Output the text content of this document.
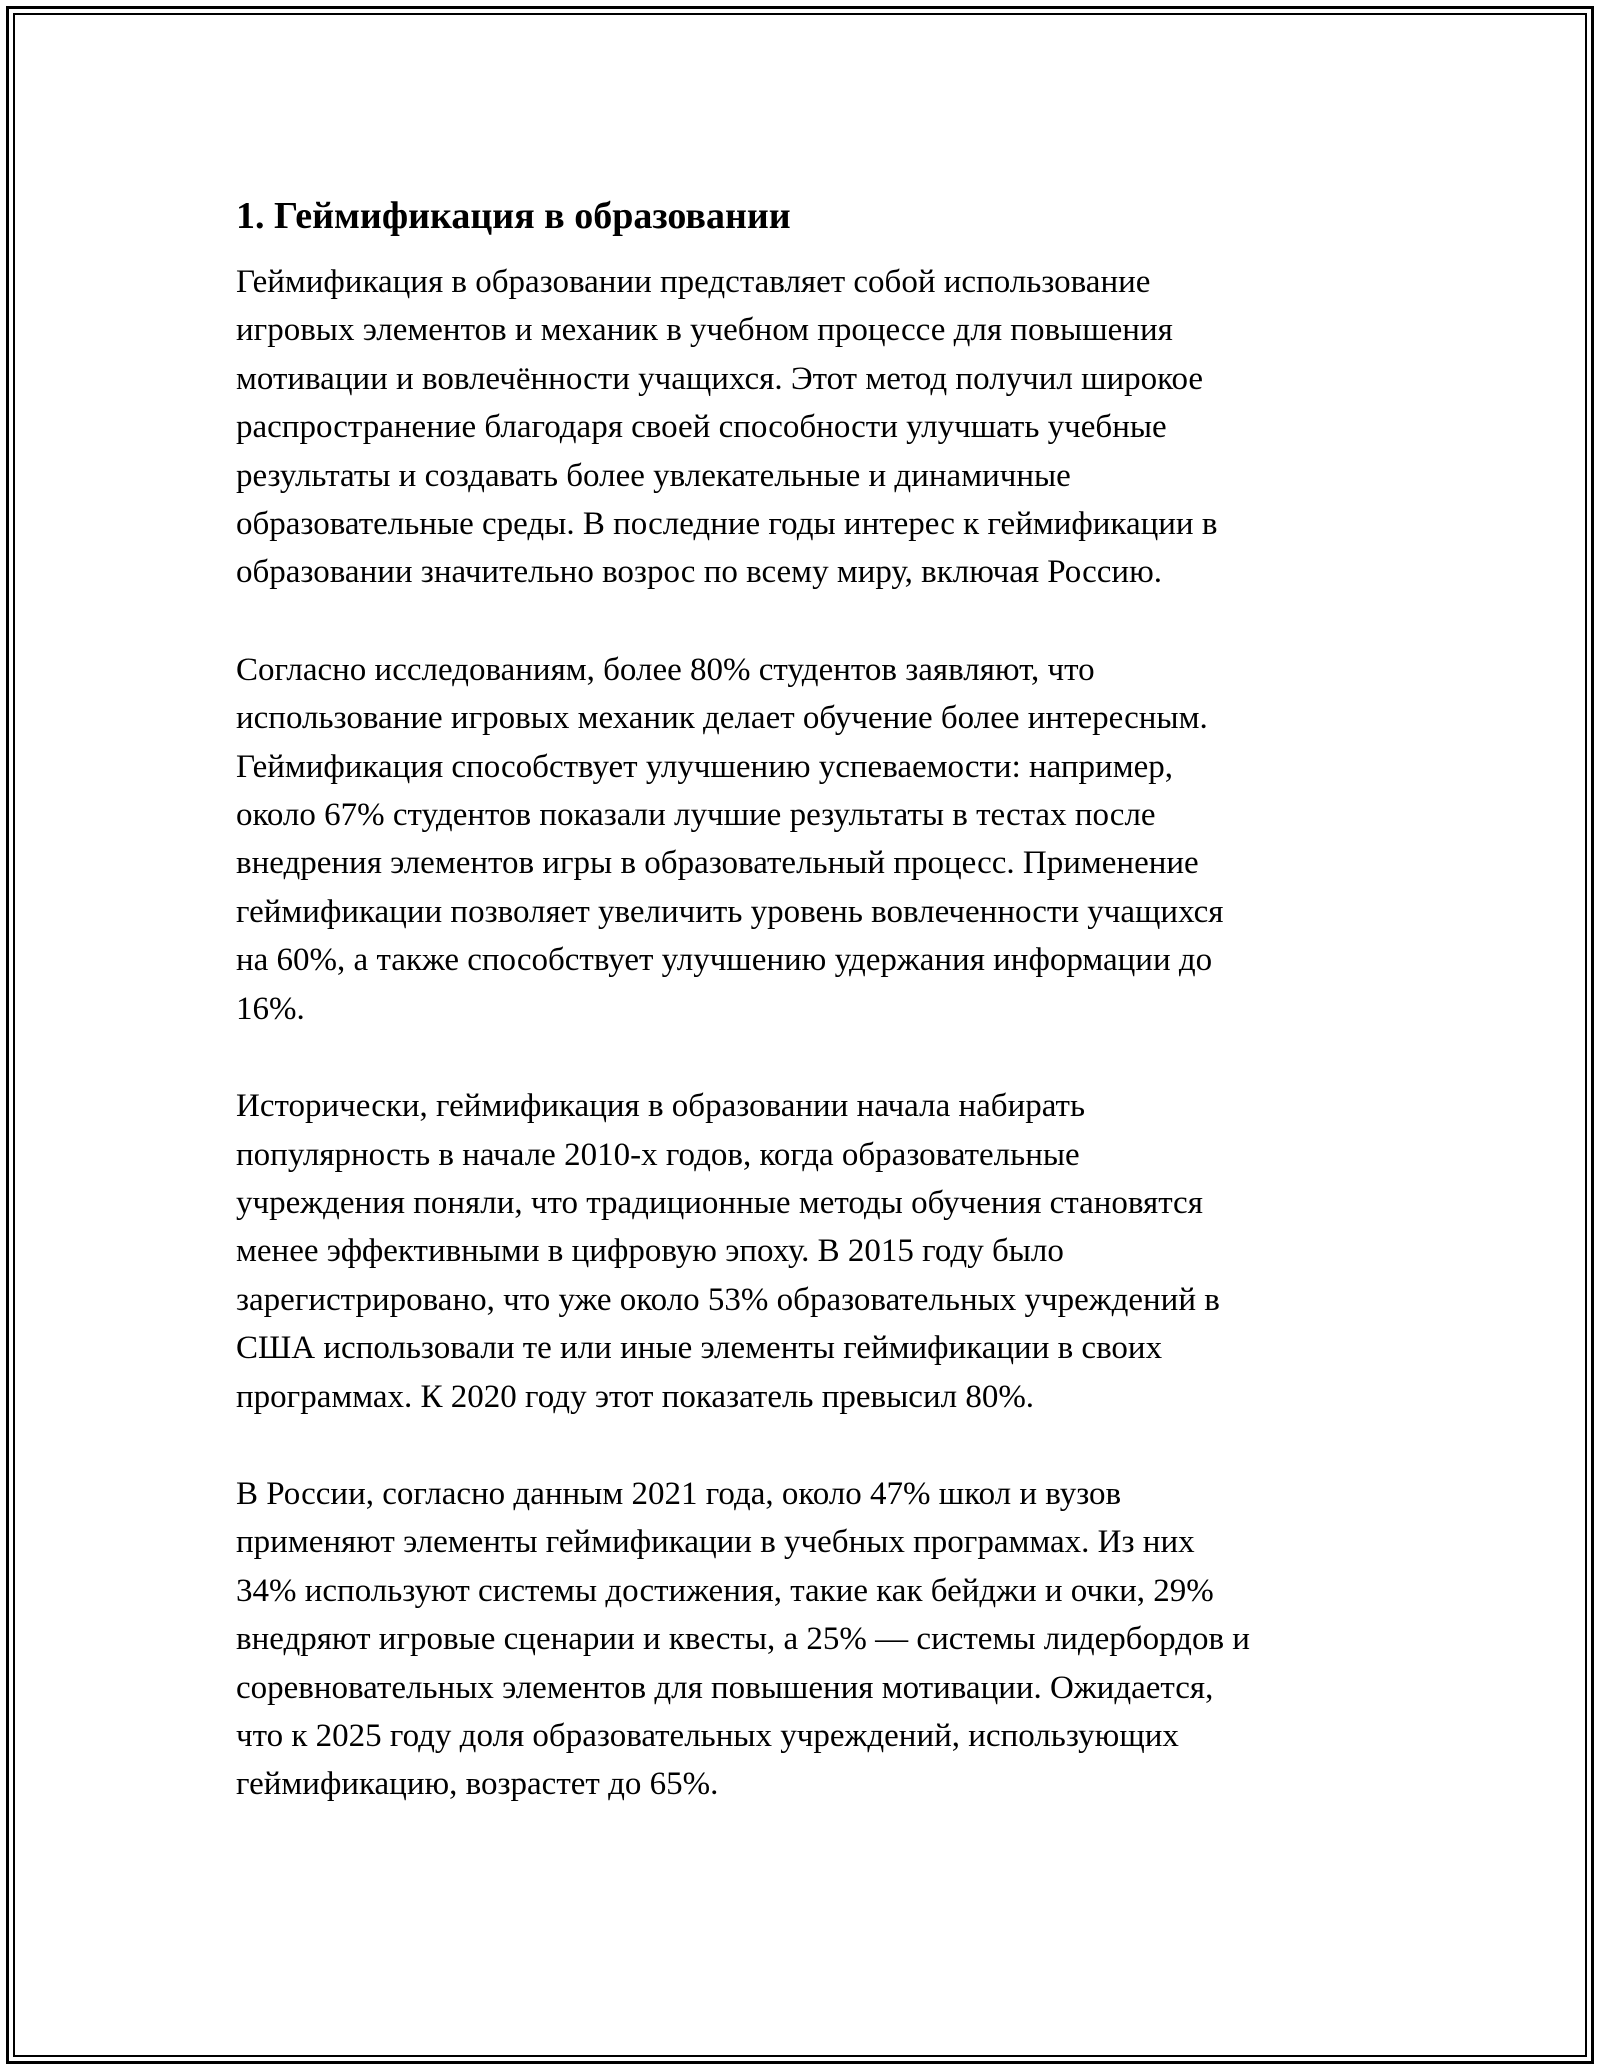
1. Геймификация в образовании

Геймификация в образовании представляет собой использование
игровых элементов и механик в учебном процессе для повышения
мотивации и вовлечённости учащихся. Этот метод получил широкое
распространение благодаря своей способности улучшать учебные
результаты и создавать более увлекательные и динамичные
образовательные среды. В последние годы интерес к геймификации в
образовании значительно возрос по всему миру, включая Россию.

Согласно исследованиям, более 80% студентов заявляют, что
использование игровых механик делает обучение более интересным.
Геймификация способствует улучшению успеваемости: например,
около 67% студентов показали лучшие результаты в тестах после
внедрения элементов игры в образовательный процесс. Применение
геймификации позволяет увеличить уровень вовлеченности учащихся
на 60%, а также способствует улучшению удержания информации до
16%.

Исторически, геймификация в образовании начала набирать
популярность в начале 2010-х годов, когда образовательные
учреждения поняли, что традиционные методы обучения становятся
менее эффективными в цифровую эпоху. В 2015 году было
зарегистрировано, что уже около 53% образовательных учреждений в
США использовали те или иные элементы геймификации в своих
программах. К 2020 году этот показатель превысил 80%.

В России, согласно данным 2021 года, около 47% школ и вузов
применяют элементы геймификации в учебных программах. Из них
34% используют системы достижения, такие как бейджи и очки, 29%
внедряют игровые сценарии и квесты, а 25% — системы лидербордов и
соревновательных элементов для повышения мотивации. Ожидается,
что к 2025 году доля образовательных учреждений, использующих
геймификацию, возрастет до 65%.
